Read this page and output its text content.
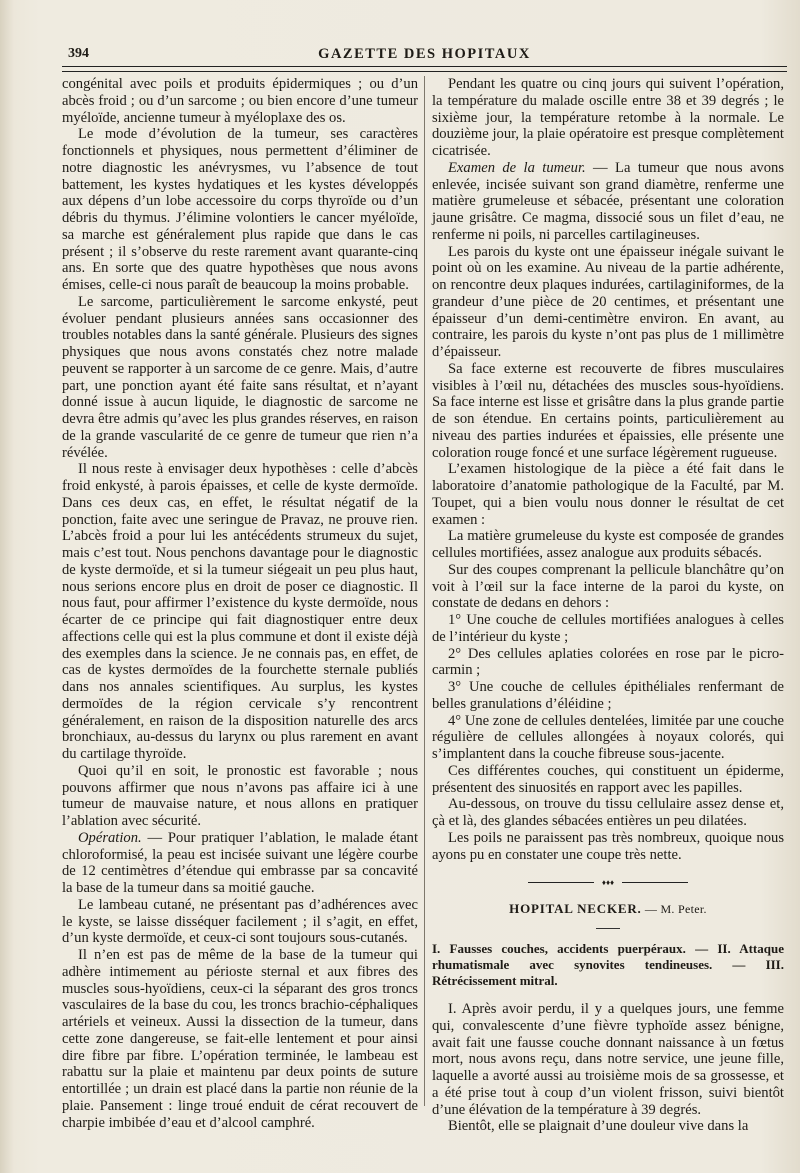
394	GAZETTE DES HOPITAUX

congénital avec poils et produits épidermiques ; ou d’un abcès froid ; ou d’un sarcome ; ou bien encore d’une tumeur myéloïde, ancienne tumeur à myéloplaxe des os.

Le mode d’évolution de la tumeur, ses caractères fonctionnels et physiques, nous permettent d’éliminer de notre diagnostic les anévrysmes, vu l’absence de tout battement, les kystes hydatiques et les kystes développés aux dépens d’un lobe accessoire du corps thyroïde ou d’un débris du thymus. J’élimine volontiers le cancer myéloïde, sa marche est généralement plus rapide que dans le cas présent ; il s’observe du reste rarement avant quarante-cinq ans. En sorte que des quatre hypothèses que nous avons émises, celle-ci nous paraît de beaucoup la moins probable.

Le sarcome, particulièrement le sarcome enkysté, peut évoluer pendant plusieurs années sans occasionner des troubles notables dans la santé générale. Plusieurs des signes physiques que nous avons constatés chez notre malade peuvent se rapporter à un sarcome de ce genre. Mais, d’autre part, une ponction ayant été faite sans résultat, et n’ayant donné issue à aucun liquide, le diagnostic de sarcome ne devra être admis qu’avec les plus grandes réserves, en raison de la grande vascularité de ce genre de tumeur que rien n’a révélée.

Il nous reste à envisager deux hypothèses : celle d’abcès froid enkysté, à parois épaisses, et celle de kyste dermoïde. Dans ces deux cas, en effet, le résultat négatif de la ponction, faite avec une seringue de Pravaz, ne prouve rien. L’abcès froid a pour lui les antécédents strumeux du sujet, mais c’est tout. Nous penchons davantage pour le diagnostic de kyste dermoïde, et si la tumeur siégeait un peu plus haut, nous serions encore plus en droit de poser ce diagnostic. Il nous faut, pour affirmer l’existence du kyste dermoïde, nous écarter de ce principe qui fait diagnostiquer entre deux affections celle qui est la plus commune et dont il existe déjà des exemples dans la science. Je ne connais pas, en effet, de cas de kystes dermoïdes de la fourchette sternale publiés dans nos annales scientifiques. Au surplus, les kystes dermoïdes de la région cervicale s’y rencontrent généralement, en raison de la disposition naturelle des arcs bronchiaux, au-dessus du larynx ou plus rarement en avant du cartilage thyroïde.

Quoi qu’il en soit, le pronostic est favorable ; nous pouvons affirmer que nous n’avons pas affaire ici à une tumeur de mauvaise nature, et nous allons en pratiquer l’ablation avec sécurité.

Opération. — Pour pratiquer l’ablation, le malade étant chloroformisé, la peau est incisée suivant une légère courbe de 12 centimètres d’étendue qui embrasse par sa concavité la base de la tumeur dans sa moitié gauche.

Le lambeau cutané, ne présentant pas d’adhérences avec le kyste, se laisse disséquer facilement ; il s’agit, en effet, d’un kyste dermoïde, et ceux-ci sont toujours sous-cutanés.

Il n’en est pas de même de la base de la tumeur qui adhère intimement au périoste sternal et aux fibres des muscles sous-hyoïdiens, ceux-ci la séparant des gros troncs vasculaires de la base du cou, les troncs brachio-céphaliques artériels et veineux. Aussi la dissection de la tumeur, dans cette zone dangereuse, se fait-elle lentement et pour ainsi dire fibre par fibre. L’opération terminée, le lambeau est rabattu sur la plaie et maintenu par deux points de suture entortillée ; un drain est placé dans la partie non réunie de la plaie. Pansement : linge troué enduit de cérat recouvert de charpie imbibée d’eau et d’alcool camphré.

Pendant les quatre ou cinq jours qui suivent l’opération, la température du malade oscille entre 38 et 39 degrés ; le sixième jour, la température retombe à la normale. Le douzième jour, la plaie opératoire est presque complètement cicatrisée.

Examen de la tumeur. — La tumeur que nous avons enlevée, incisée suivant son grand diamètre, renferme une matière grumeleuse et sébacée, présentant une coloration jaune grisâtre. Ce magma, dissocié sous un filet d’eau, ne renferme ni poils, ni parcelles cartilagineuses.

Les parois du kyste ont une épaisseur inégale suivant le point où on les examine. Au niveau de la partie adhérente, on rencontre deux plaques indurées, cartilaginiformes, de la grandeur d’une pièce de 20 centimes, et présentant une épaisseur d’un demi-centimètre environ. En avant, au contraire, les parois du kyste n’ont pas plus de 1 millimètre d’épaisseur.

Sa face externe est recouverte de fibres musculaires visibles à l’œil nu, détachées des muscles sous-hyoïdiens. Sa face interne est lisse et grisâtre dans la plus grande partie de son étendue. En certains points, particulièrement au niveau des parties indurées et épaissies, elle présente une coloration rouge foncé et une surface légèrement rugueuse.

L’examen histologique de la pièce a été fait dans le laboratoire d’anatomie pathologique de la Faculté, par M. Toupet, qui a bien voulu nous donner le résultat de cet examen :

La matière grumeleuse du kyste est composée de grandes cellules mortifiées, assez analogue aux produits sébacés.

Sur des coupes comprenant la pellicule blanchâtre qu’on voit à l’œil sur la face interne de la paroi du kyste, on constate de dedans en dehors :

1° Une couche de cellules mortifiées analogues à celles de l’intérieur du kyste ;

2° Des cellules aplaties colorées en rose par le picro-carmin ;

3° Une couche de cellules épithéliales renfermant de belles granulations d’éléidine ;

4° Une zone de cellules dentelées, limitée par une couche régulière de cellules allongées à noyaux colorés, qui s’implantent dans la couche fibreuse sous-jacente.

Ces différentes couches, qui constituent un épiderme, présentent des sinuosités en rapport avec les papilles.

Au-dessous, on trouve du tissu cellulaire assez dense et, çà et là, des glandes sébacées entières un peu dilatées.

Les poils ne paraissent pas très nombreux, quoique nous ayons pu en constater une coupe très nette.

♦♦♦
HOPITAL NECKER. — M. Peter.

I. Fausses couches, accidents puerpéraux. — II. Attaque rhumatismale avec synovites tendineuses. — III. Rétrécissement mitral.

I. Après avoir perdu, il y a quelques jours, une femme qui, convalescente d’une fièvre typhoïde assez bénigne, avait fait une fausse couche donnant naissance à un fœtus mort, nous avons reçu, dans notre service, une jeune fille, laquelle a avorté aussi au troisième mois de sa grossesse, et a été prise tout à coup d’un violent frisson, suivi bientôt d’une élévation de la température à 39 degrés.

Bientôt, elle se plaignait d’une douleur vive dans la
